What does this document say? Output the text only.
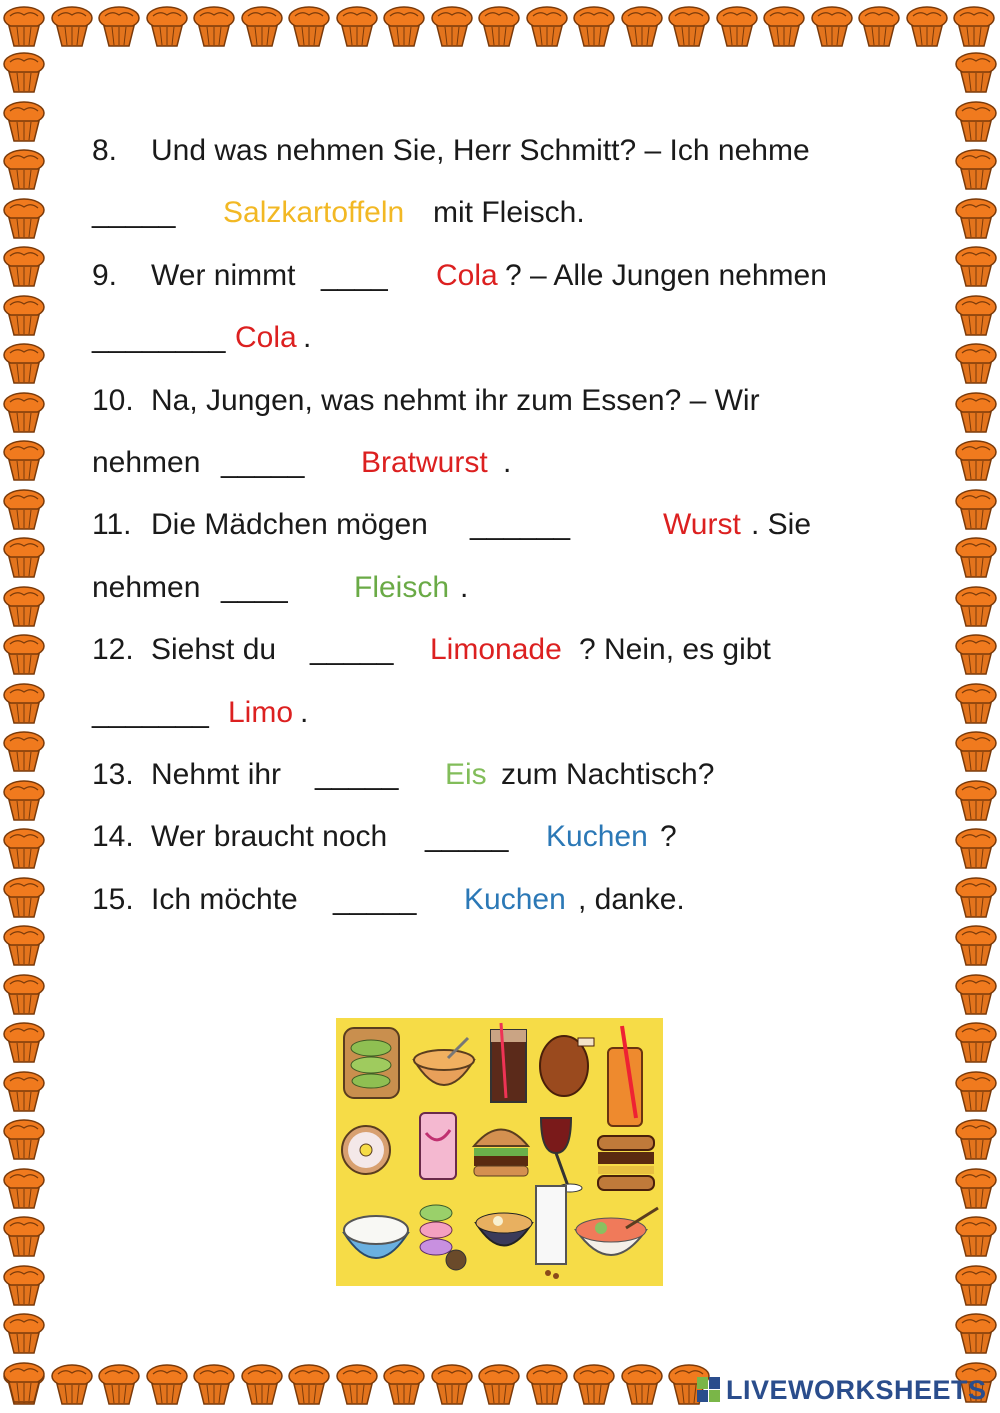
8. Und was nehmen Sie, Herr Schmitt? – Ich nehme
_____ Salzkartoffeln mit Fleisch.
9. Wer nimmt ____ Cola ? – Alle Jungen nehmen
________ Cola .
10. Na, Jungen, was nehmt ihr zum Essen? – Wir
nehmen _____ Bratwurst .
11. Die Mädchen mögen ______	Wurst . Sie
nehmen ____ Fleisch .
12. Siehst du _____ Limonade ? Nein, es gibt
_______ Limo .
13. Nehmt ihr _____ Eis zum Nachtisch?
14. Wer braucht noch _____ Kuchen ?
15. Ich möchte _____ Kuchen , danke.
LIVEWORKSHEETS
